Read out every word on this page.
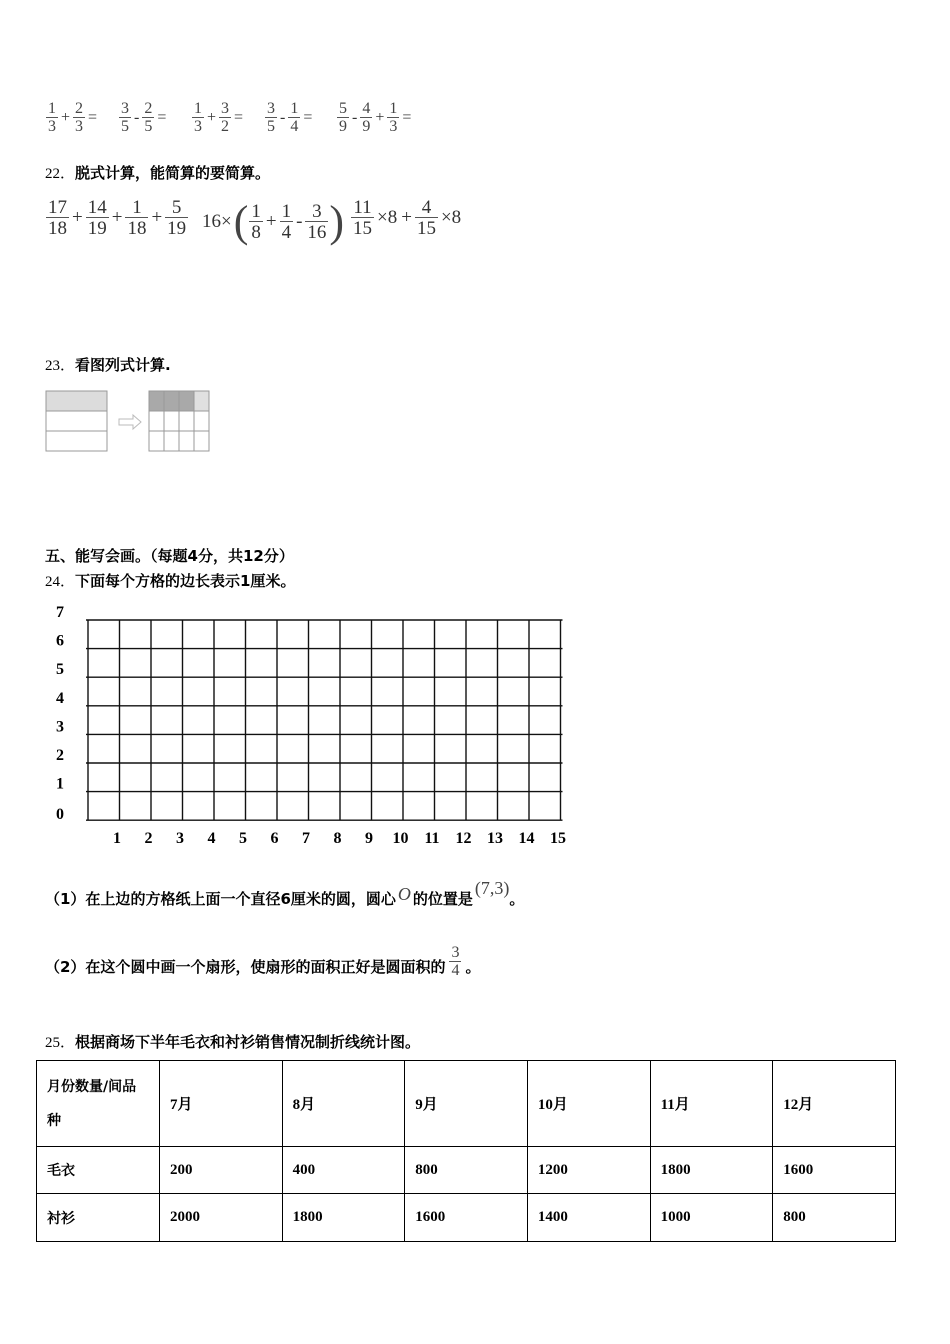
$\frac{1}{3} + \frac{2}{3} = \frac{3}{5} - \frac{2}{5} = \frac{1}{3} + \frac{3}{2} = \frac{3}{5} - \frac{1}{4} = \frac{5}{9} - \frac{4}{9} + \frac{1}{3}$ =
22．脱式计算，能简算的要简算。
$\frac{17}{18} + \frac{14}{19} + \frac{1}{18} + \frac{5}{19} 16\times$ ( $\frac{1}{8} + \frac{1}{4} - \frac{3}{16}$ ) $\frac{11}{15} \times 8 + \frac{4}{15} \times 8$
23．看图列式计算.
五、能写会画。（每题4分，共12分）
24．下面每个方格的边长表示1厘米。
7
6
5
4
3
2
1
0
1 2 3 4 5 6 7 8 9 10 11 12 13 14 15
（1）在上边的方格纸上面一个直径6厘米的圆，圆心 O 的位置是
(7,3)
。
（2）在这个圆中画一个扇形，使扇形的面积正好是圆面积的 $\frac{3}{4}$ 。
25．根据商场下半年毛衣和衬衫销售情况制折线统计图。
月份数量/间品
种	7月	8月	9月	10月	11月	12月
毛衣	200	400	800	1200	1800	1600
衬衫	2000	1800	1600	1400	1000	800
